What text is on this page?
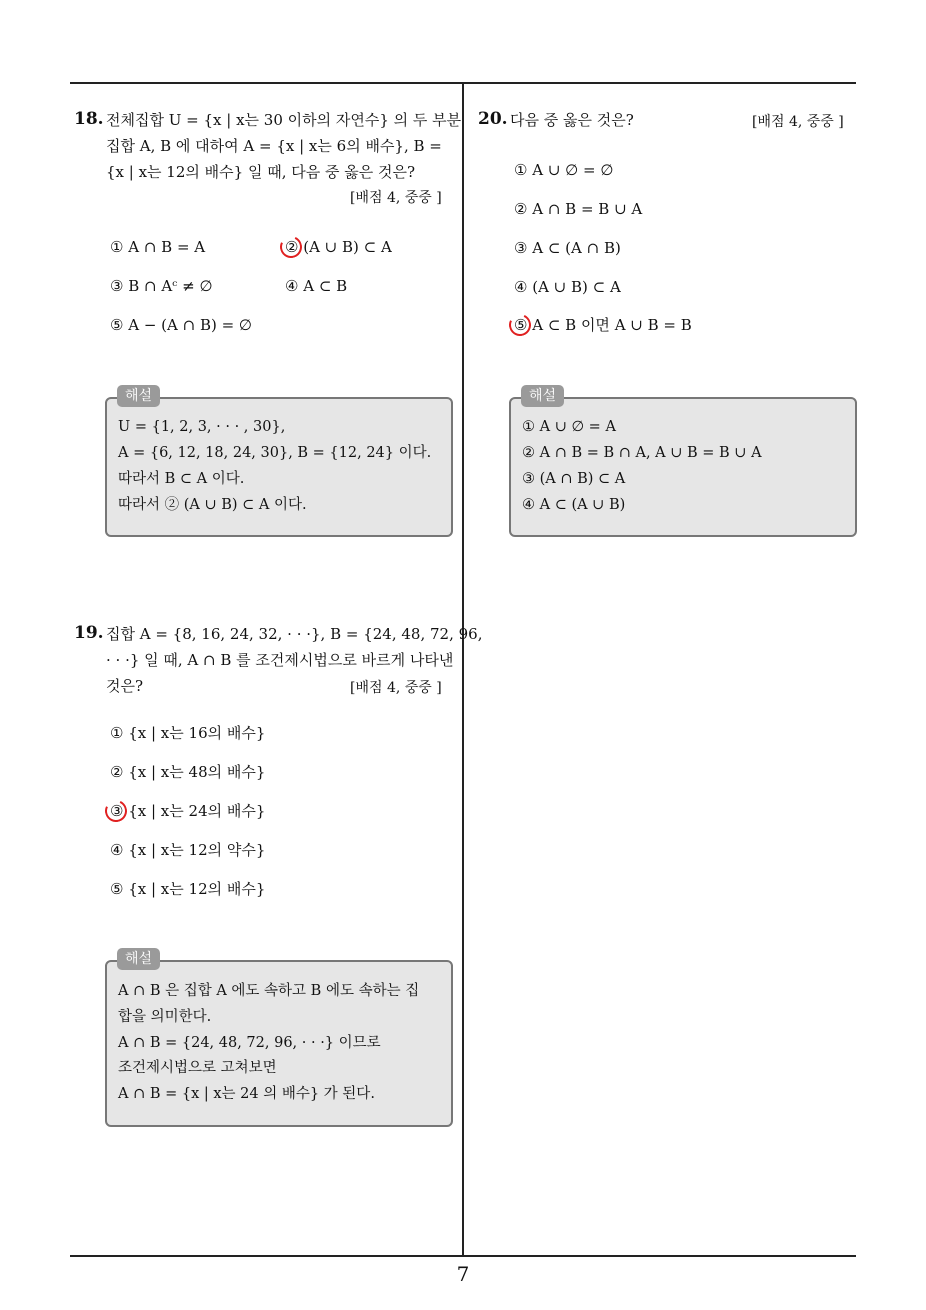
7
18. 전체집합 U = {x | x는 30 이하의 자연수} 의 두 부분
집합 A, B 에 대하여 A = {x | x는 6의 배수}, B =
{x | x는 12의 배수} 일 때, 다음 중 옳은 것은?
[배점 4, 중중 ]
① A ∩ B = A	② (A ∪ B) ⊂ A
③ B ∩ Aᶜ ≠ ∅	④ A ⊂ B
⑤ A − (A ∩ B) = ∅
해설
U = {1, 2, 3, · · · , 30},
A = {6, 12, 18, 24, 30}, B = {12, 24} 이다.
따라서 B ⊂ A 이다.
따라서 ② (A ∪ B) ⊂ A 이다.
19. 집합 A = {8, 16, 24, 32, · · ·}, B = {24, 48, 72, 96,
· · ·} 일 때, A ∩ B 를 조건제시법으로 바르게 나타낸
것은?	[배점 4, 중중 ]
① {x | x는 16의 배수}
② {x | x는 48의 배수}
③ {x | x는 24의 배수}
④ {x | x는 12의 약수}
⑤ {x | x는 12의 배수}
해설
A ∩ B 은 집합 A 에도 속하고 B 에도 속하는 집
합을 의미한다.
A ∩ B = {24, 48, 72, 96, · · ·} 이므로
조건제시법으로 고쳐보면
A ∩ B = {x | x는 24 의 배수} 가 된다.
20. 다음 중 옳은 것은?	[배점 4, 중중 ]
① A ∪ ∅ = ∅
② A ∩ B = B ∪ A
③ A ⊂ (A ∩ B)
④ (A ∪ B) ⊂ A
⑤ A ⊂ B 이면 A ∪ B = B
해설
① A ∪ ∅ = A
② A ∩ B = B ∩ A, A ∪ B = B ∪ A
③ (A ∩ B) ⊂ A
④ A ⊂ (A ∪ B)
